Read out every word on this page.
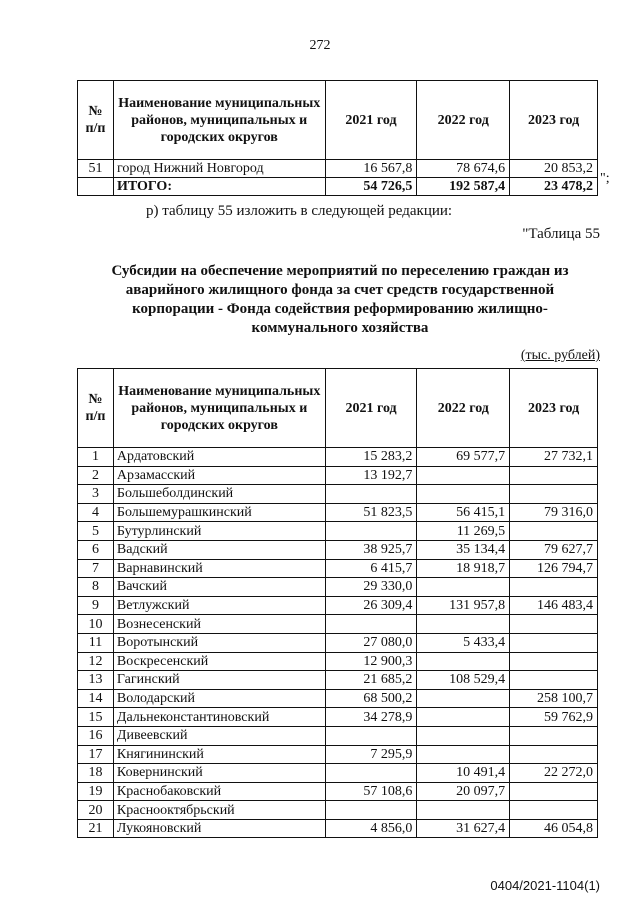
272
№ п/п	Наименование муниципальных районов, муниципальных и городских округов	2021 год	2022 год	2023 год
51	город Нижний Новгород	16 567,8	78 674,6	20 853,2
	ИТОГО:	54 726,5	192 587,4	23 478,2
";
р) таблицу 55 изложить в следующей редакции:
"Таблица 55
Субсидии на обеспечение мероприятий по переселению граждан из аварийного жилищного фонда за счет средств государственной корпорации - Фонда содействия реформированию жилищно-коммунального хозяйства
(тыс. рублей)
№ п/п	Наименование муниципальных районов, муниципальных и городских округов	2021 год	2022 год	2023 год
1	Ардатовский	15 283,2	69 577,7	27 732,1
2	Арзамасский	13 192,7		
3	Большеболдинский			
4	Большемурашкинский	51 823,5	56 415,1	79 316,0
5	Бутурлинский		11 269,5	
6	Вадский	38 925,7	35 134,4	79 627,7
7	Варнавинский	6 415,7	18 918,7	126 794,7
8	Вачский	29 330,0		
9	Ветлужский	26 309,4	131 957,8	146 483,4
10	Вознесенский			
11	Воротынский	27 080,0	5 433,4	
12	Воскресенский	12 900,3		
13	Гагинский	21 685,2	108 529,4	
14	Володарский	68 500,2		258 100,7
15	Дальнеконстантиновский	34 278,9		59 762,9
16	Дивеевский			
17	Княгининский	7 295,9		
18	Ковернинский		10 491,4	22 272,0
19	Краснобаковский	57 108,6	20 097,7	
20	Краснооктябрьский			
21	Лукояновский	4 856,0	31 627,4	46 054,8
0404/2021-1104(1)
